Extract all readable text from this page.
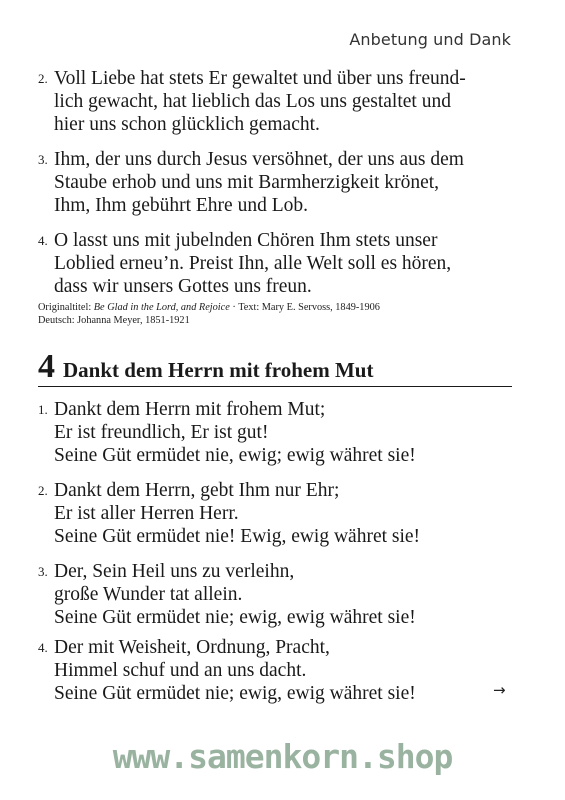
Anbetung und Dank
2. Voll Liebe hat stets Er gewaltet und über uns freund-
lich gewacht, hat lieblich das Los uns gestaltet und
hier uns schon glücklich gemacht.
3. Ihm, der uns durch Jesus versöhnet, der uns aus dem
Staube erhob und uns mit Barmherzigkeit krönet,
Ihm, Ihm gebührt Ehre und Lob.
4. O lasst uns mit jubelnden Chören Ihm stets unser
Loblied erneu’n. Preist Ihn, alle Welt soll es hören,
dass wir unsers Gottes uns freun.
Originaltitel: Be Glad in the Lord, and Rejoice · Text: Mary E. Servoss, 1849-1906
Deutsch: Johanna Meyer, 1851-1921
4 Dankt dem Herrn mit frohem Mut
1. Dankt dem Herrn mit frohem Mut;
Er ist freundlich, Er ist gut!
Seine Güt ermüdet nie, ewig; ewig währet sie!
2. Dankt dem Herrn, gebt Ihm nur Ehr;
Er ist aller Herren Herr.
Seine Güt ermüdet nie! Ewig, ewig währet sie!
3. Der, Sein Heil uns zu verleihn,
große Wunder tat allein.
Seine Güt ermüdet nie; ewig, ewig währet sie!
4. Der mit Weisheit, Ordnung, Pracht,
Himmel schuf und an uns dacht.
Seine Güt ermüdet nie; ewig, ewig währet sie!	→
www.samenkorn.shop
